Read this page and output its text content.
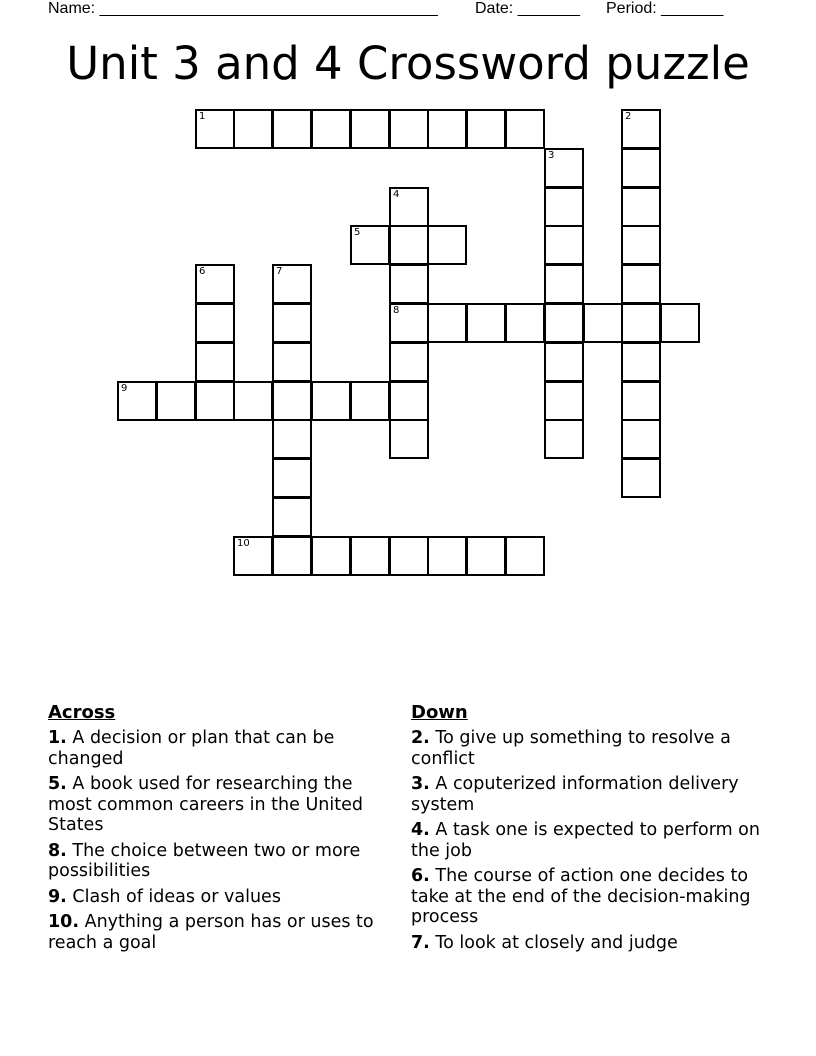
Name: ______________________________________ Date: _______ Period: _______
Unit 3 and 4 Crossword puzzle
1	2
3
4
8
5
6	7
9
10
Across
1. A decision or plan that can be changed
5. A book used for researching the most common careers in the United States
8. The choice between two or more possibilities
9. Clash of ideas or values
10. Anything a person has or uses to reach a goal
Down
2. To give up something to resolve a conflict
3. A coputerized information delivery system
4. A task one is expected to perform on the job
6. The course of action one decides to take at the end of the decision-making process
7. To look at closely and judge
